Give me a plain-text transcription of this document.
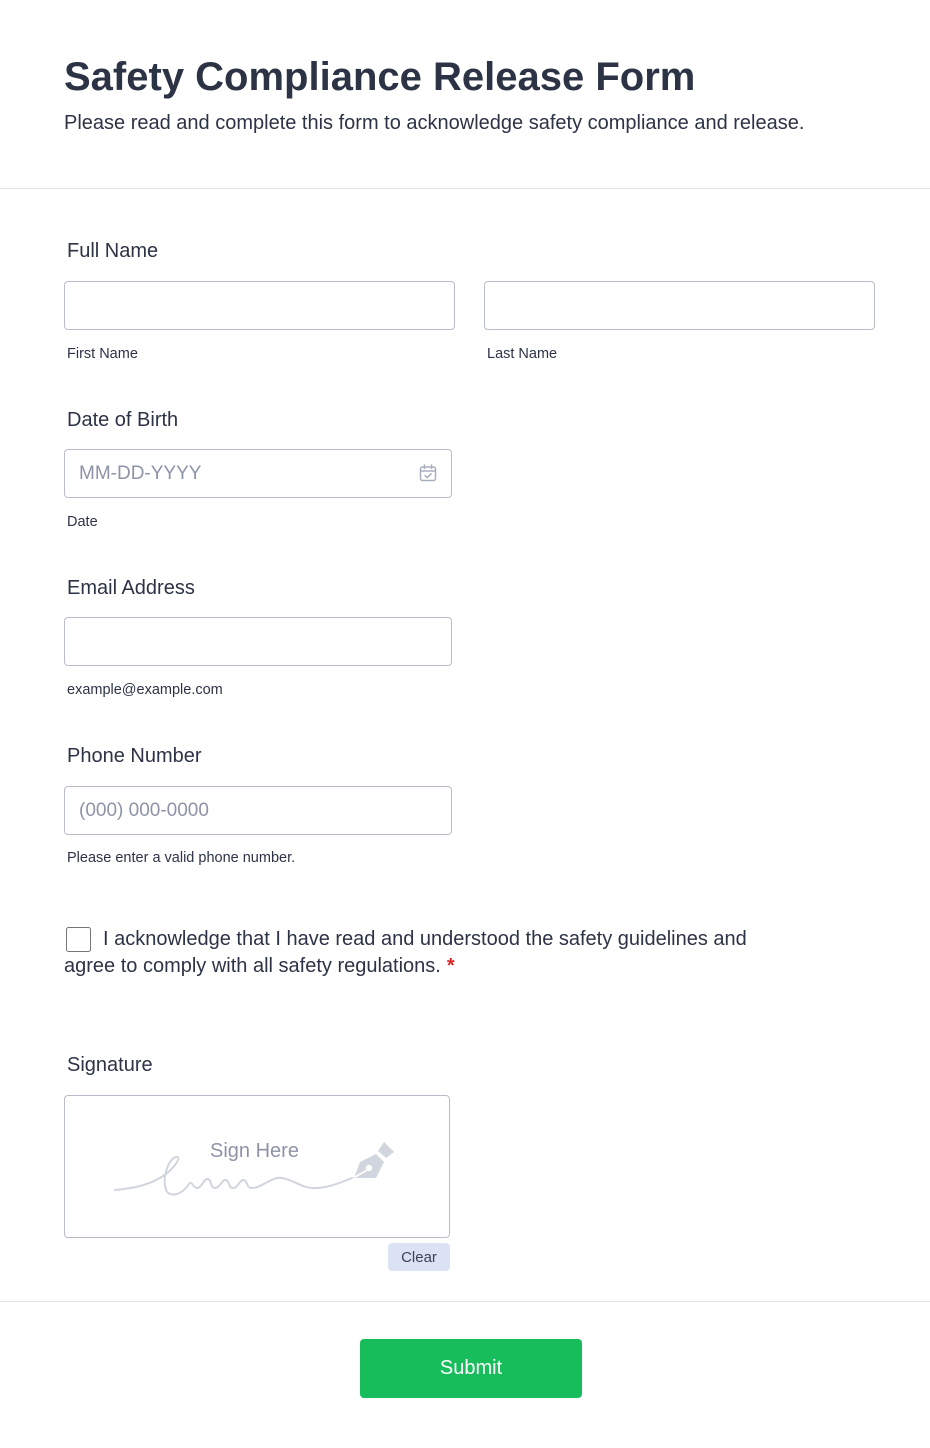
Safety Compliance Release Form
Please read and complete this form to acknowledge safety compliance and release.
Full Name
First Name	Last Name
Date of Birth
MM-DD-YYYY
Date
Email Address
example@example.com
Phone Number
(000) 000-0000
Please enter a valid phone number.
I acknowledge that I have read and understood the safety guidelines and agree to comply with all safety regulations. *
Signature
Sign Here
Clear
Submit
